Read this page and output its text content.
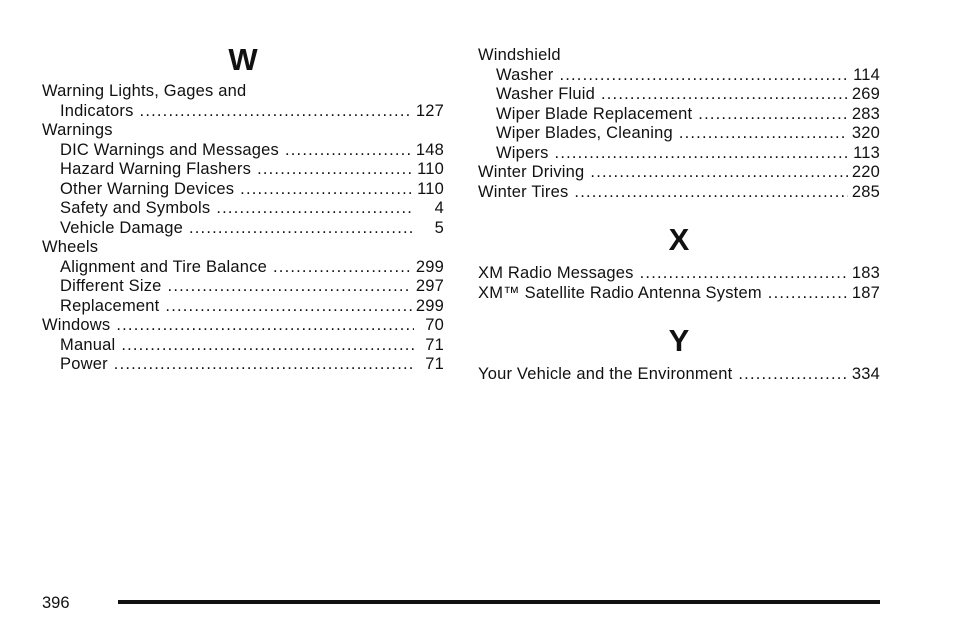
W
Warning Lights, Gages and
Indicators .....	127
Warnings
DIC Warnings and Messages .....	148
Hazard Warning Flashers .....	110
Other Warning Devices .....	110
Safety and Symbols .....	4
Vehicle Damage .....	5
Wheels
Alignment and Tire Balance .....	299
Different Size .....	297
Replacement .....	299
Windows .....	70
Manual .....	71
Power .....	71
Windshield
Washer .....	114
Washer Fluid .....	269
Wiper Blade Replacement .....	283
Wiper Blades, Cleaning .....	320
Wipers .....	113
Winter Driving .....	220
Winter Tires .....	285
X
XM Radio Messages .....	183
XM™ Satellite Radio Antenna System .....	187
Y
Your Vehicle and the Environment .....	334
396
